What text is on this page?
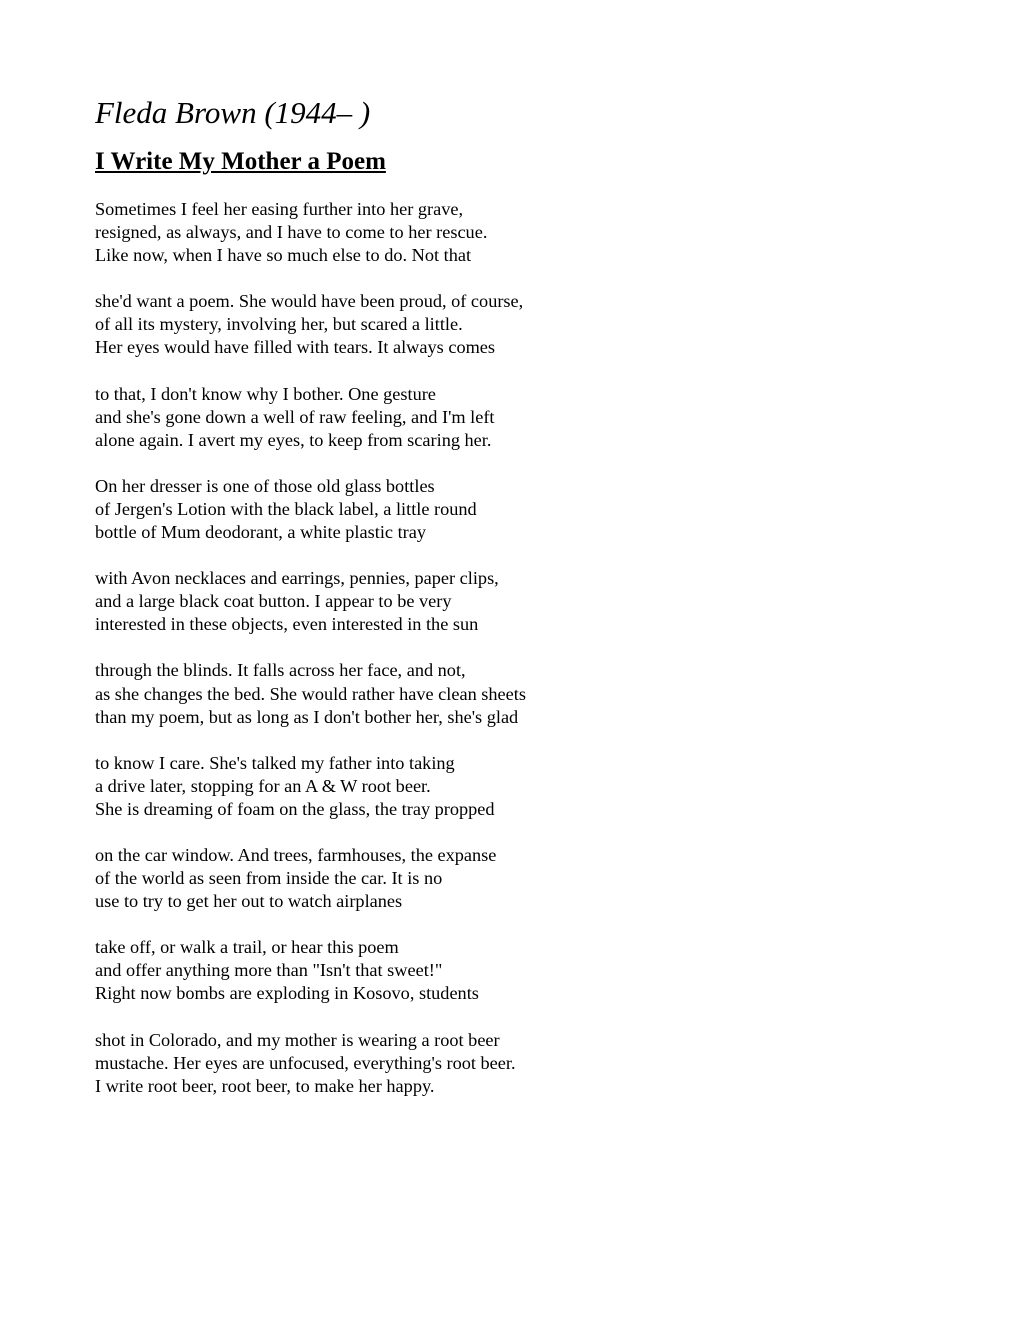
Fleda Brown (1944– )
I Write My Mother a Poem
Sometimes I feel her easing further into her grave,
resigned, as always, and I have to come to her rescue.
Like now, when I have so much else to do. Not that
she'd want a poem. She would have been proud, of course,
of all its mystery, involving her, but scared a little.
Her eyes would have filled with tears. It always comes
to that, I don't know why I bother. One gesture
and she's gone down a well of raw feeling, and I'm left
alone again. I avert my eyes, to keep from scaring her.
On her dresser is one of those old glass bottles
of Jergen's Lotion with the black label, a little round
bottle of Mum deodorant, a white plastic tray
with Avon necklaces and earrings, pennies, paper clips,
and a large black coat button. I appear to be very
interested in these objects, even interested in the sun
through the blinds. It falls across her face, and not,
as she changes the bed. She would rather have clean sheets
than my poem, but as long as I don't bother her, she's glad
to know I care. She's talked my father into taking
a drive later, stopping for an A & W root beer.
She is dreaming of foam on the glass, the tray propped
on the car window. And trees, farmhouses, the expanse
of the world as seen from inside the car. It is no
use to try to get her out to watch airplanes
take off, or walk a trail, or hear this poem
and offer anything more than "Isn't that sweet!"
Right now bombs are exploding in Kosovo, students
shot in Colorado, and my mother is wearing a root beer
mustache. Her eyes are unfocused, everything's root beer.
I write root beer, root beer, to make her happy.
